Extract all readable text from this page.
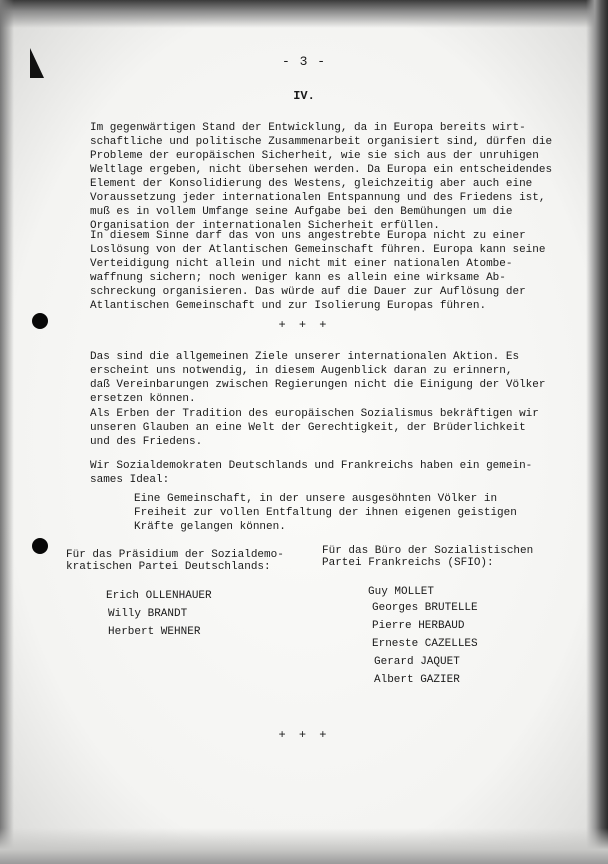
- 3 -
IV.
Im gegenwärtigen Stand der Entwicklung, da in Europa bereits wirt-
schaftliche und politische Zusammenarbeit organisiert sind, dürfen die
Probleme der europäischen Sicherheit, wie sie sich aus der unruhigen
Weltlage ergeben, nicht übersehen werden. Da Europa ein entscheidendes
Element der Konsolidierung des Westens, gleichzeitig aber auch eine
Voraussetzung jeder internationalen Entspannung und des Friedens ist,
muß es in vollem Umfange seine Aufgabe bei den Bemühungen um die
Organisation der internationalen Sicherheit erfüllen.
In diesem Sinne darf das von uns angestrebte Europa nicht zu einer
Loslösung von der Atlantischen Gemeinschaft führen. Europa kann seine
Verteidigung nicht allein und nicht mit einer nationalen Atombe-
waffnung sichern; noch weniger kann es allein eine wirksame Ab-
schreckung organisieren. Das würde auf die Dauer zur Auflösung der
Atlantischen Gemeinschaft und zur Isolierung Europas führen.
+ + +
Das sind die allgemeinen Ziele unserer internationalen Aktion. Es
erscheint uns notwendig, in diesem Augenblick daran zu erinnern,
daß Vereinbarungen zwischen Regierungen nicht die Einigung der Völker
ersetzen können.
Als Erben der Tradition des europäischen Sozialismus bekräftigen wir
unseren Glauben an eine Welt der Gerechtigkeit, der Brüderlichkeit
und des Friedens.
Wir Sozialdemokraten Deutschlands und Frankreichs haben ein gemein-
sames Ideal:
Eine Gemeinschaft, in der unsere ausgesöhnten Völker in
Freiheit zur vollen Entfaltung der ihnen eigenen geistigen
Kräfte gelangen können.
Für das Präsidium der Sozialdemo-
kratischen Partei Deutschlands:
Für das Büro der Sozialistischen
Partei Frankreichs (SFIO):
Erich OLLENHAUER
Willy BRANDT
Herbert WEHNER
Guy MOLLET
Georges BRUTELLE
Pierre HERBAUD
Erneste CAZELLES
Gerard JAQUET
Albert GAZIER
+ + +
